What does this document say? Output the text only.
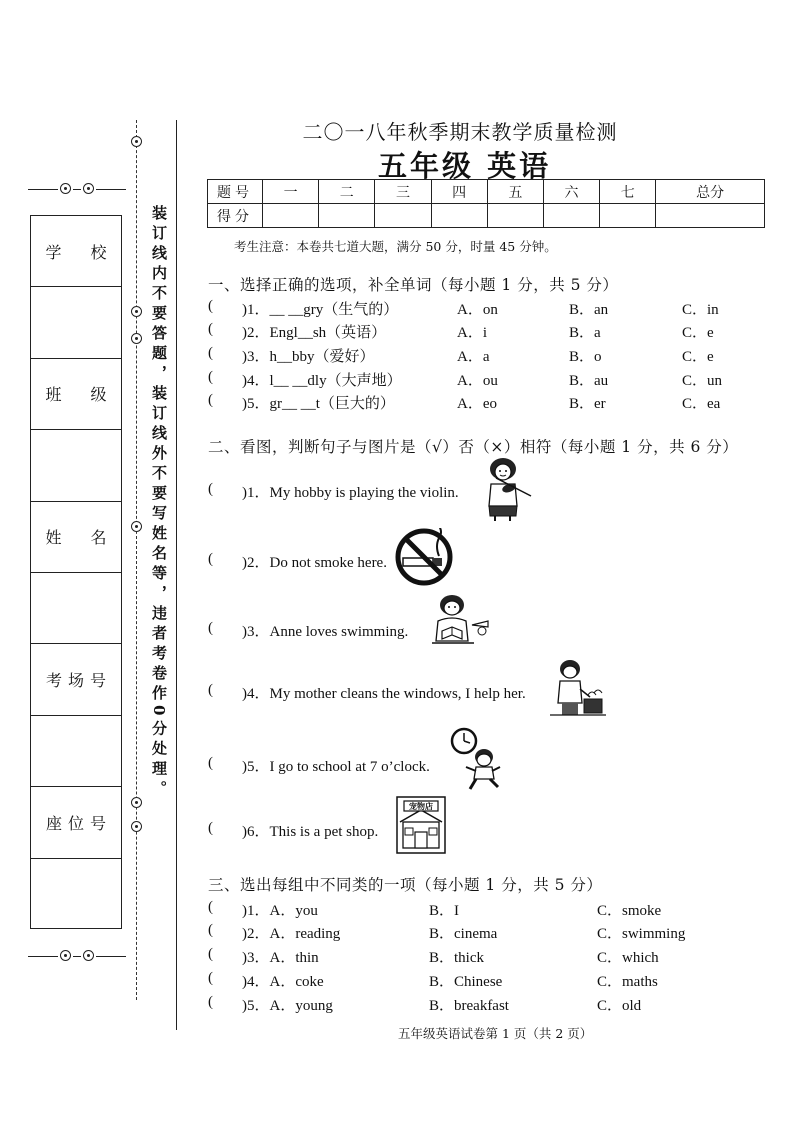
学 校
班 级
姓 名
考场号
座位号
装订线内不要答题，装订线外不要写姓名等，违者考卷作0分处理。
二〇一八年秋季期末教学质量检测
五年级 英语
题号	一	二	三	四	五	六	七	总分
得分								
考生注意：本卷共七道大题，满分 50 分，时量 45 分钟。
一、选择正确的选项，补全单词（每小题 1 分，共 5 分）
( )1．__ __gry（生气的）	A．on	B．an	C．in
( )2．Engl__sh（英语）	A．i	B．a	C．e
( )3．h__bby（爱好）	A．a	B．o	C．e
( )4．l__ __dly（大声地）	A．ou	B．au	C．un
( )5．gr__ __t（巨大的）	A．eo	B．er	C．ea
二、看图，判断句子与图片是（√）否（×）相符（每小题 1 分，共 6 分）
( )1．My hobby is playing the violin.
( )2．Do not smoke here.
( )3．Anne loves swimming.
( )4．My mother cleans the windows, I help her.
( )5．I go to school at 7 o’clock.
( )6．This is a pet shop.
宠物店
三、选出每组中不同类的一项（每小题 1 分，共 5 分）
( )1．A．you	B．I	C．smoke
( )2．A．reading	B．cinema	C．swimming
( )3．A．thin	B．thick	C．which
( )4．A．coke	B．Chinese	C．maths
( )5．A．young	B．breakfast	C．old
五年级英语试卷第 1 页（共 2 页）
